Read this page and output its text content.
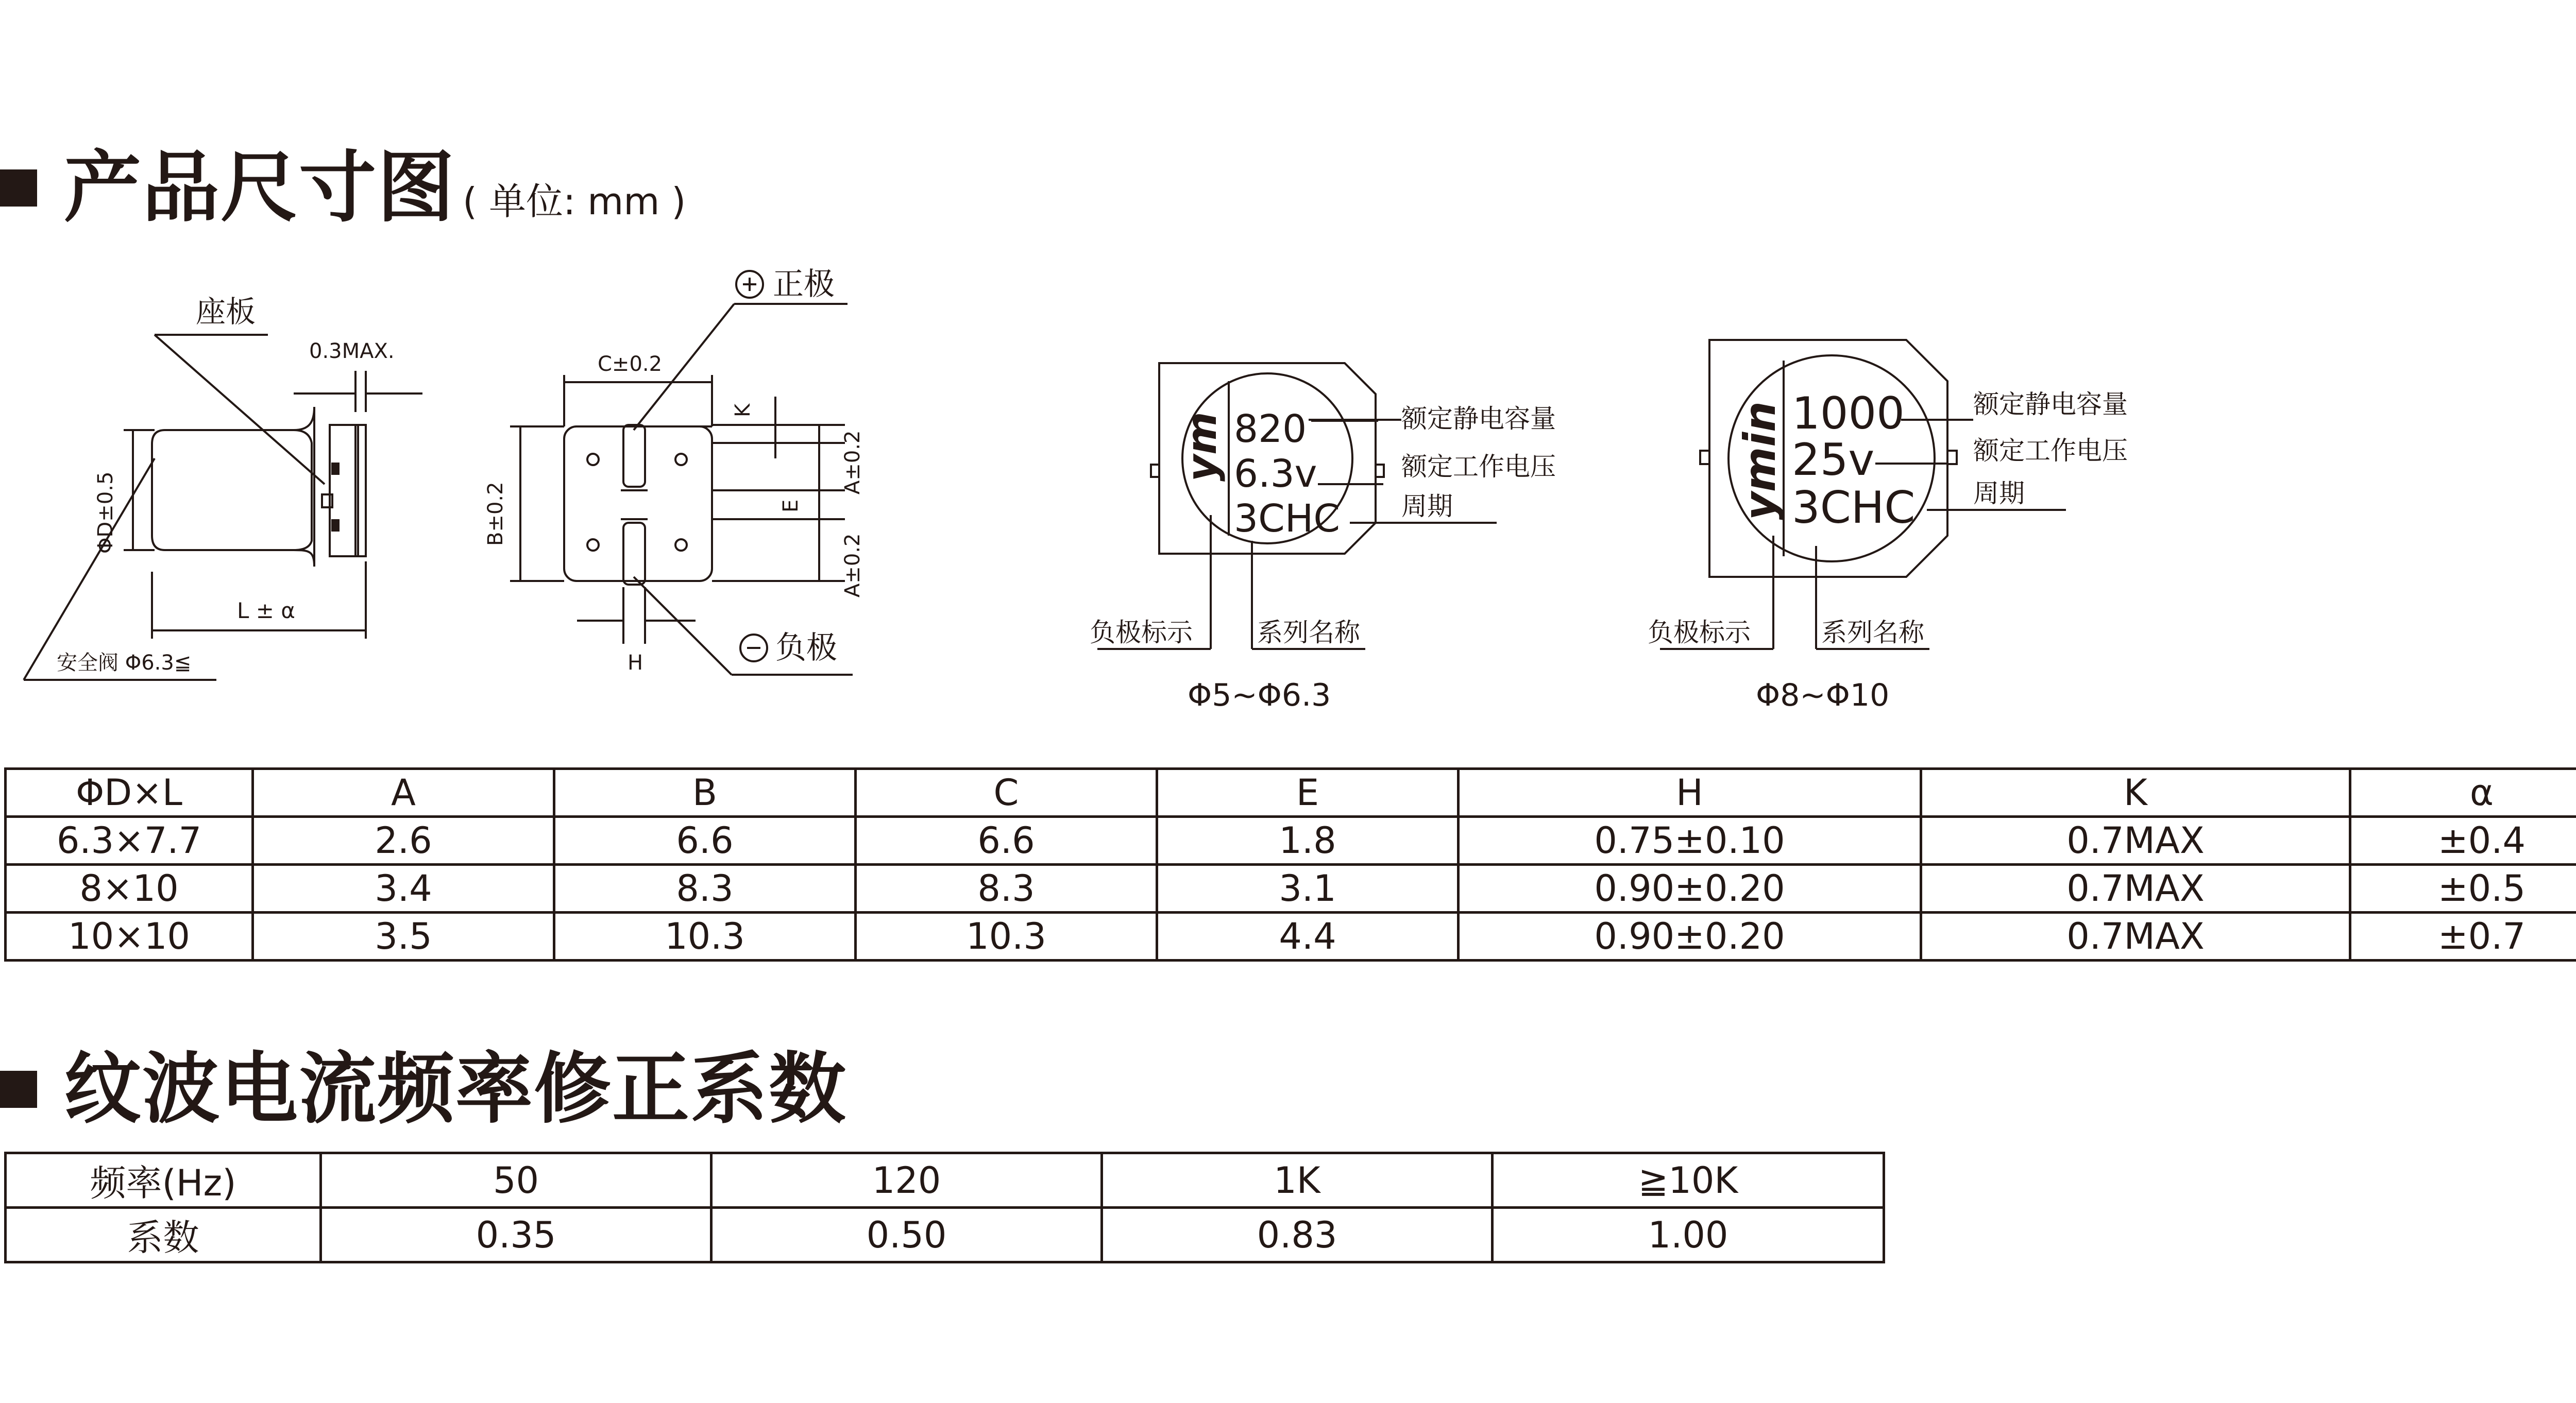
产品尺寸图 ( 单位: mm )
座板
0.3MAX.
ΦD±0.5
L ± α
安全阀 Φ6.3≦
正极
负极
C±0.2
K
B±0.2
A±0.2
E
A±0.2
H
ym 820
6.3v
3CHC
额定静电容量
额定工作电压
周期
负极标示	系列名称
Φ5~Φ6.3
ymin 1000
25v
3CHC
额定静电容量
额定工作电压
周期
负极标示	系列名称
Φ8~Φ10
ΦD×L	A	B	C	E	H	K	α
6.3×7.7	2.6	6.6	6.6	1.8	0.75±0.10	0.7MAX	±0.4
8×10	3.4	8.3	8.3	3.1	0.90±0.20	0.7MAX	±0.5
10×10	3.5	10.3	10.3	4.4	0.90±0.20	0.7MAX	±0.7
纹波电流频率修正系数
频率(Hz)	50	120	1K	≧10K
系数	0.35	0.50	0.83	1.00
